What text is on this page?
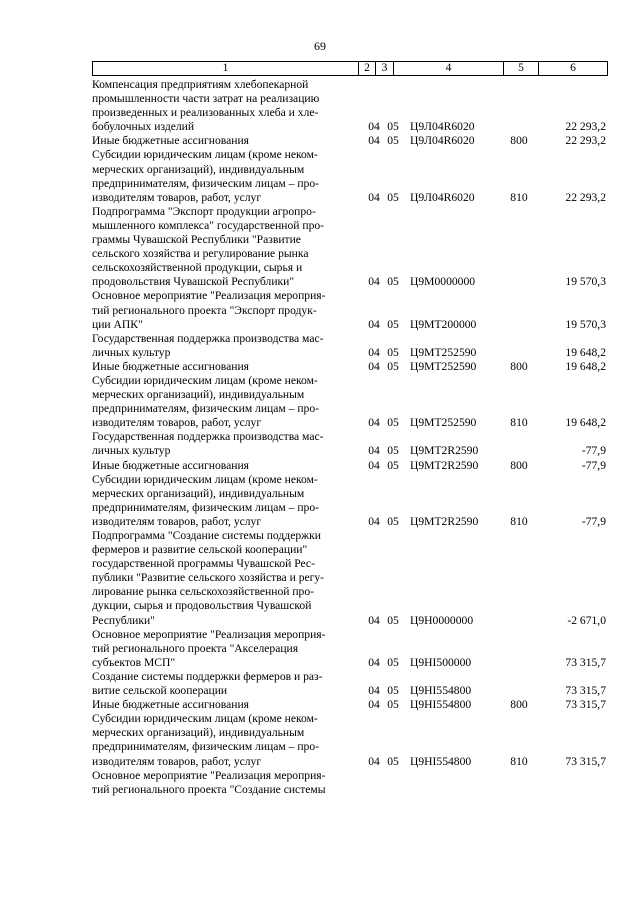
69
1	2	3	4	5	6
Компенсация предприятиям хлебопекарной
промышленности части затрат на реализацию
произведенных и реализованных хлеба и хле-
бобулочных изделий	04 05 Ц9Л04R6020	22 293,2
Иные бюджетные ассигнования	04 05 Ц9Л04R6020	800	22 293,2
Субсидии юридическим лицам (кроме неком-
мерческих организаций), индивидуальным
предпринимателям, физическим лицам – про-
изводителям товаров, работ, услуг	04 05 Ц9Л04R6020	810	22 293,2
Подпрограмма "Экспорт продукции агропро-
мышленного комплекса" государственной про-
граммы Чувашской Республики "Развитие
сельского хозяйства и регулирование рынка
сельскохозяйственной продукции, сырья и
продовольствия Чувашской Республики"	04 05 Ц9М0000000	19 570,3
Основное мероприятие "Реализация мероприя-
тий регионального проекта "Экспорт продук-
ции АПК"	04 05 Ц9МТ200000	19 570,3
Государственная поддержка производства мас-
личных культур	04 05 Ц9МТ252590	19 648,2
Иные бюджетные ассигнования	04 05 Ц9МТ252590	800	19 648,2
Субсидии юридическим лицам (кроме неком-
мерческих организаций), индивидуальным
предпринимателям, физическим лицам – про-
изводителям товаров, работ, услуг	04 05 Ц9МТ252590	810	19 648,2
Государственная поддержка производства мас-
личных культур	04 05 Ц9МТ2R2590	-77,9
Иные бюджетные ассигнования	04 05 Ц9МТ2R2590	800	-77,9
Субсидии юридическим лицам (кроме неком-
мерческих организаций), индивидуальным
предпринимателям, физическим лицам – про-
изводителям товаров, работ, услуг	04 05 Ц9МТ2R2590	810	-77,9
Подпрограмма "Создание системы поддержки
фермеров и развитие сельской кооперации"
государственной программы Чувашской Рес-
публики "Развитие сельского хозяйства и регу-
лирование рынка сельскохозяйственной про-
дукции, сырья и продовольствия Чувашской
Республики"	04 05 Ц9Н0000000	-2 671,0
Основное мероприятие "Реализация мероприя-
тий регионального проекта "Акселерация
субъектов МСП"	04 05 Ц9НI500000	73 315,7
Создание системы поддержки фермеров и раз-
витие сельской кооперации	04 05 Ц9НI554800	73 315,7
Иные бюджетные ассигнования	04 05 Ц9НI554800	800	73 315,7
Субсидии юридическим лицам (кроме неком-
мерческих организаций), индивидуальным
предпринимателям, физическим лицам – про-
изводителям товаров, работ, услуг	04 05 Ц9НI554800	810	73 315,7
Основное мероприятие "Реализация мероприя-
тий регионального проекта "Создание системы
